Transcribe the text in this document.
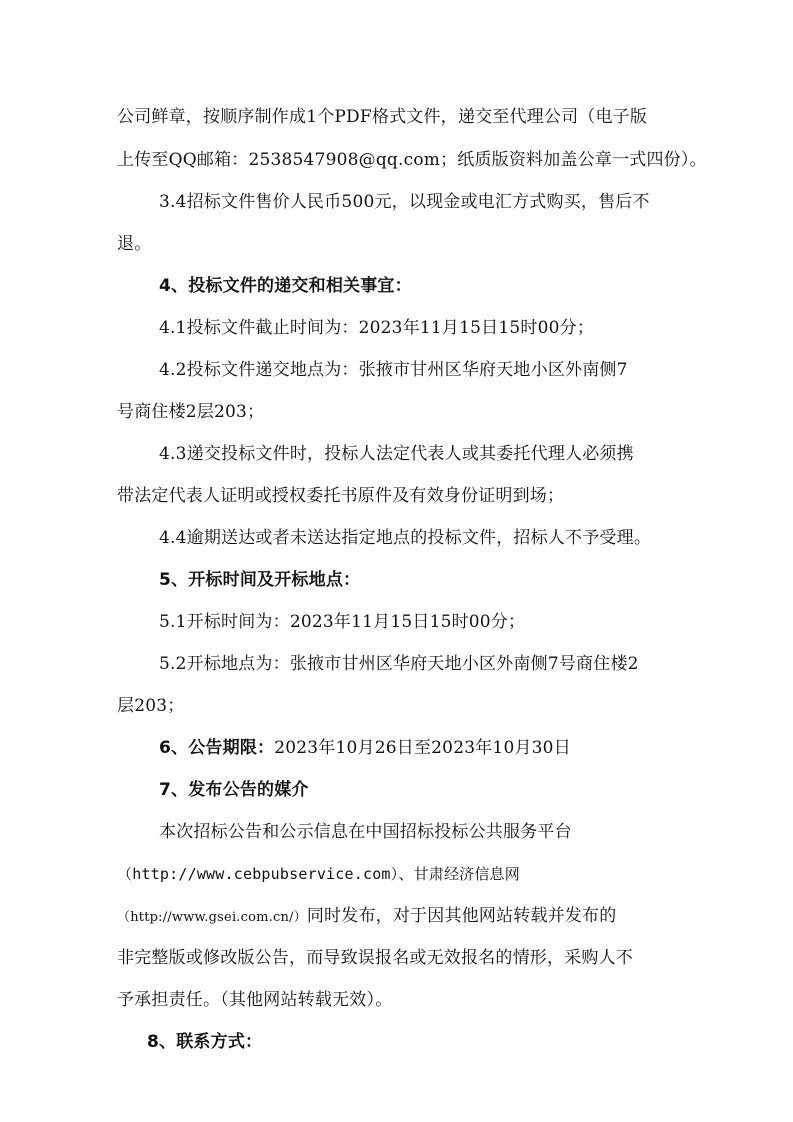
公司鲜章，按顺序制作成1个PDF格式文件，递交至代理公司（电子版
上传至QQ邮箱：2538547908@qq.com；纸质版资料加盖公章一式四份）。
3.4招标文件售价人民币500元，以现金或电汇方式购买，售后不
退。
4、投标文件的递交和相关事宜：
4.1投标文件截止时间为：2023年11月15日15时00分；
4.2投标文件递交地点为：张掖市甘州区华府天地小区外南侧7
号商住楼2层203；
4.3递交投标文件时，投标人法定代表人或其委托代理人必须携
带法定代表人证明或授权委托书原件及有效身份证明到场；
4.4逾期送达或者未送达指定地点的投标文件，招标人不予受理。
5、开标时间及开标地点：
5.1开标时间为：2023年11月15日15时00分；
5.2开标地点为：张掖市甘州区华府天地小区外南侧7号商住楼2
层203；
6、公告期限：2023年10月26日至2023年10月30日
7、发布公告的媒介
本次招标公告和公示信息在中国招标投标公共服务平台
（http://www.cebpubservice.com）、甘肃经济信息网
（http://www.gsei.com.cn/）同时发布，对于因其他网站转载并发布的
非完整版或修改版公告，而导致误报名或无效报名的情形，采购人不
予承担责任。（其他网站转载无效）。
8、联系方式：
